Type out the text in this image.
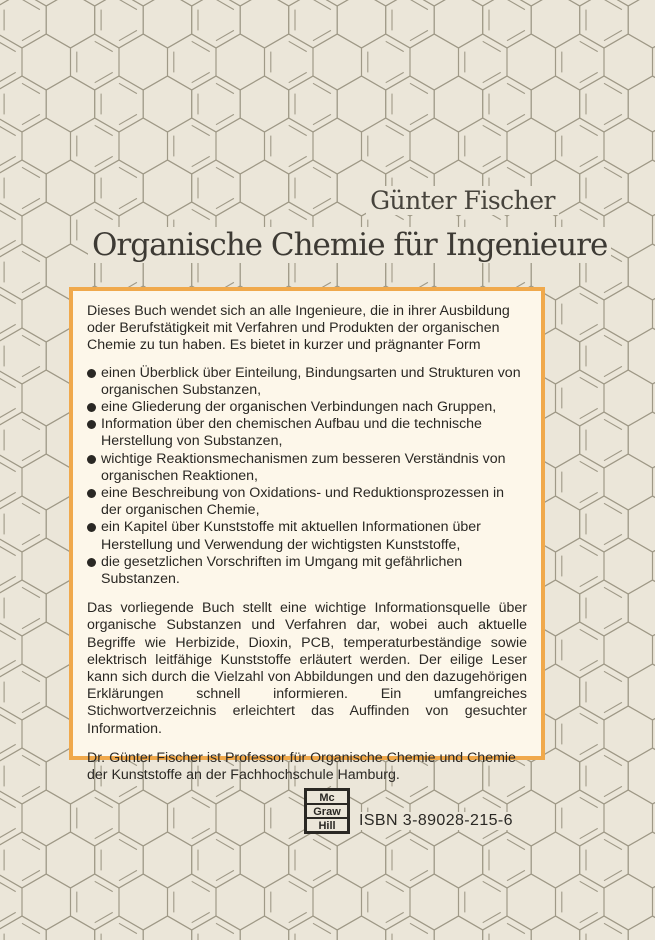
Günter Fischer
Organische Chemie für Ingenieure

Dieses Buch wendet sich an alle Ingenieure, die in ihrer Ausbildung oder Berufstätigkeit mit Verfahren und Produkten der organischen Chemie zu tun haben. Es bietet in kurzer und prägnanter Form

einen Überblick über Einteilung, Bindungsarten und Strukturen von organischen Substanzen,
eine Gliederung der organischen Verbindungen nach Gruppen,
Information über den chemischen Aufbau und die technische Herstellung von Substanzen,
wichtige Reaktionsmechanismen zum besseren Verständnis von organischen Reaktionen,
eine Beschreibung von Oxidations- und Reduktionsprozessen in der organischen Chemie,
ein Kapitel über Kunststoffe mit aktuellen Informationen über Herstellung und Verwendung der wichtigsten Kunststoffe,
die gesetzlichen Vorschriften im Umgang mit gefährlichen Substanzen.

Das vorliegende Buch stellt eine wichtige Informationsquelle über organische Substanzen und Verfahren dar, wobei auch aktuelle Begriffe wie Herbizide, Dioxin, PCB, temperaturbeständige sowie elektrisch leitfähige Kunststoffe erläutert werden. Der eilige Leser kann sich durch die Vielzahl von Abbildungen und den dazugehörigen Erklärungen schnell informieren. Ein umfangreiches Stichwortverzeichnis erleichtert das Auffinden von gesuchter Information.

Dr. Günter Fischer ist Professor für Organische Chemie und Chemie der Kunststoffe an der Fachhochschule Hamburg.

Mc
Graw
Hill ISBN 3-89028-215-6
